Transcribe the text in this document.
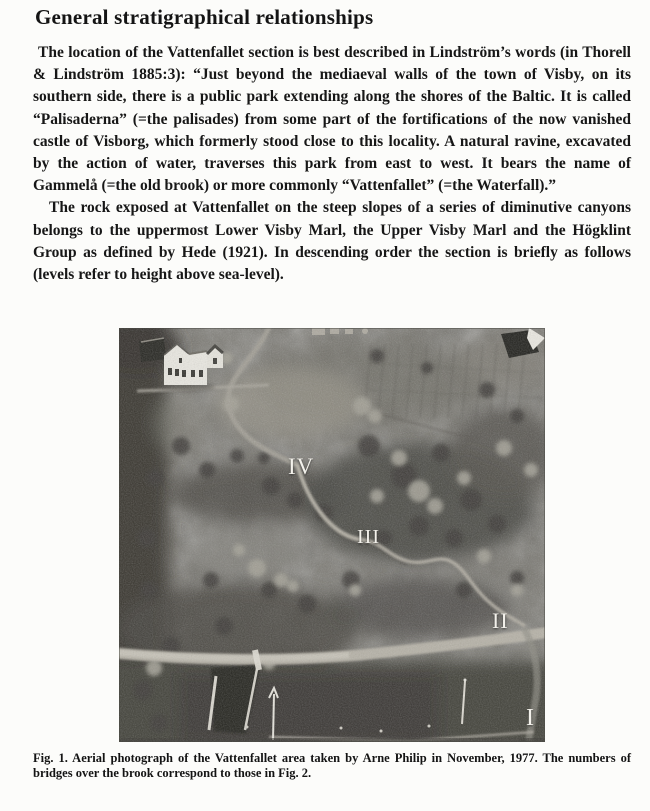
General stratigraphical relationships

The location of the Vattenfallet section is best described in Lindström’s words (in Thorell & Lindström 1885:3): “Just beyond the mediaeval walls of the town of Visby, on its southern side, there is a public park extending along the shores of the Baltic. It is called “Palisaderna” (=the palisades) from some part of the fortifications of the now vanished castle of Visborg, which formerly stood close to this locality. A natural ravine, excavated by the action of water, traverses this park from east to west. It bears the name of Gammelå (=the old brook) or more commonly “Vattenfallet” (=the Waterfall).”

The rock exposed at Vattenfallet on the steep slopes of a series of diminutive canyons belongs to the uppermost Lower Visby Marl, the Upper Visby Marl and the Högklint Group as defined by Hede (1921). In descending order the section is briefly as follows (levels refer to height above sea-level).

IV
III
II
I

Fig. 1. Aerial photograph of the Vattenfallet area taken by Arne Philip in November, 1977. The numbers of bridges over the brook correspond to those in Fig. 2.
